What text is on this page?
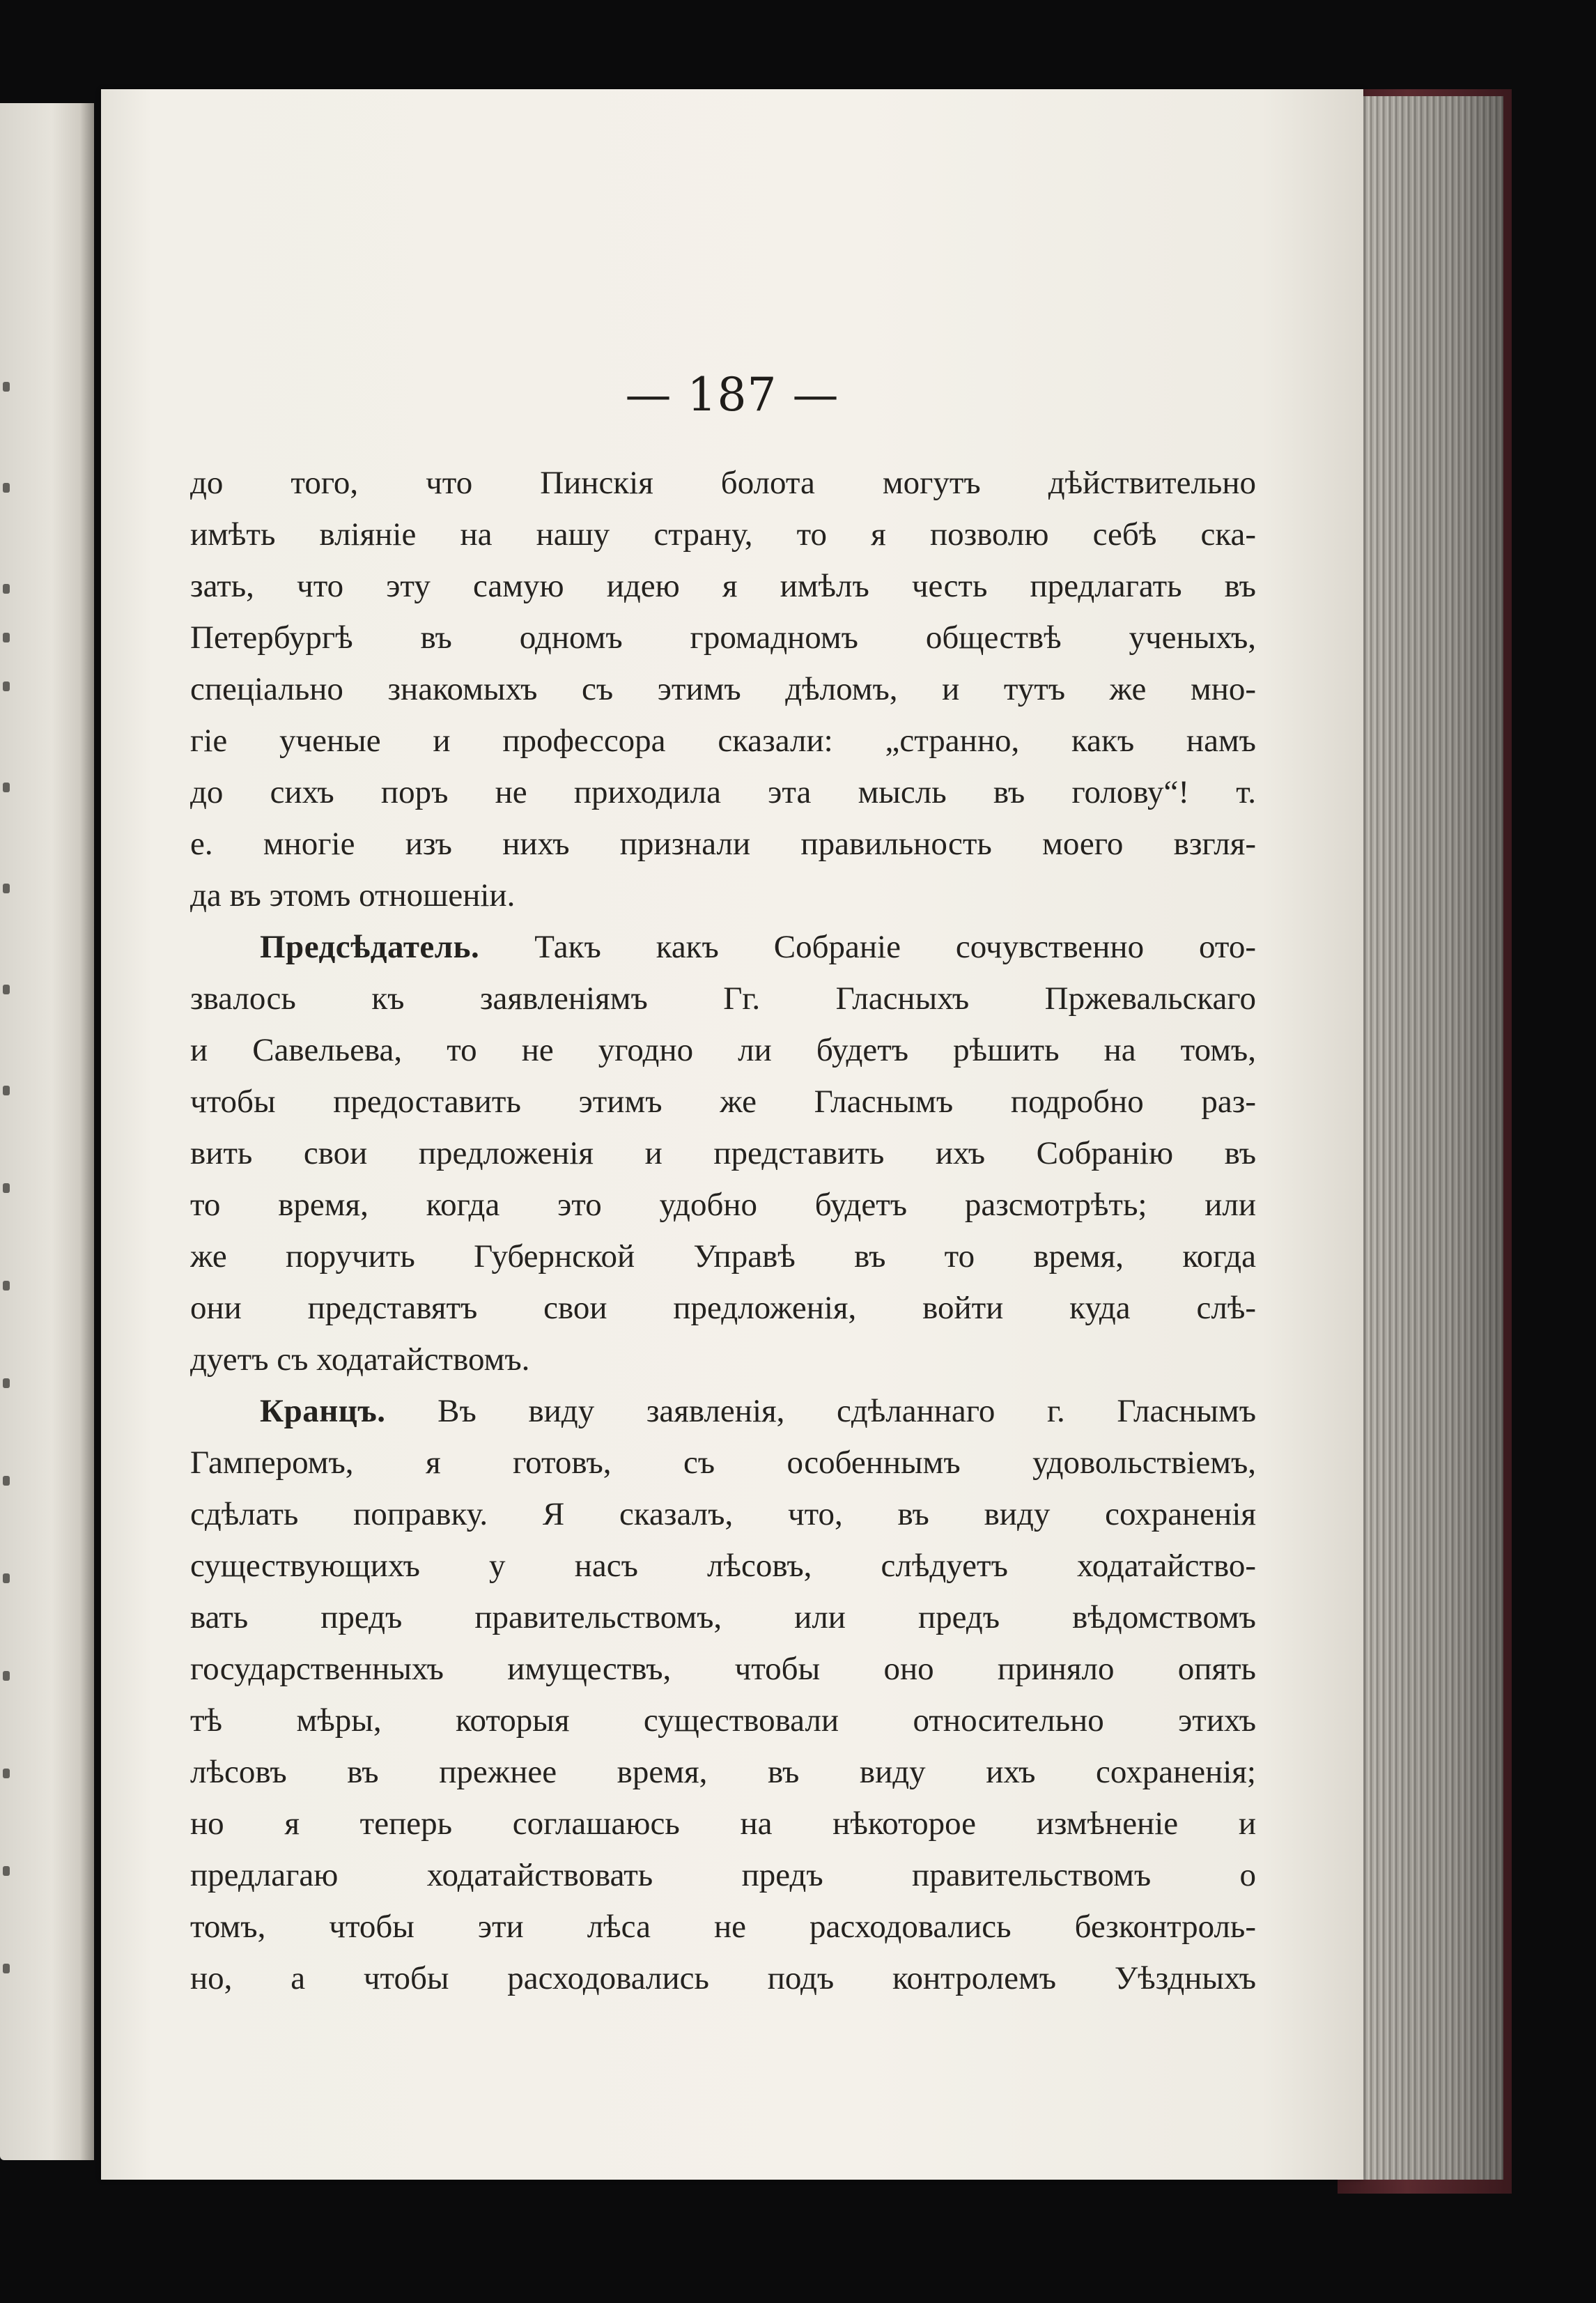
— 187 —
до того, что Пинскія болота могутъ дѣйствительно
имѣть вліяніе на нашу страну, то я позволю себѣ ска-
зать, что эту самую идею я имѣлъ честь предлагать въ
Петербургѣ въ одномъ громадномъ обществѣ ученыхъ,
спеціально знакомыхъ съ этимъ дѣломъ, и тутъ же мно-
гіе ученые и профессора сказали: „странно, какъ намъ
до сихъ поръ не приходила эта мысль въ голову“! т.
е. многіе изъ нихъ признали правильность моего взгля-
да въ этомъ отношеніи.
Предсѣдатель. Такъ какъ Собраніе сочувственно ото-
звалось къ заявленіямъ Гг. Гласныхъ Пржевальскаго
и Савельева, то не угодно ли будетъ рѣшить на томъ,
чтобы предоставить этимъ же Гласнымъ подробно раз-
вить свои предложенія и представить ихъ Собранію въ
то время, когда это удобно будетъ разсмотрѣть; или
же поручить Губернской Управѣ въ то время, когда
они представятъ свои предложенія, войти куда слѣ-
дуетъ съ ходатайствомъ.
Кранцъ. Въ виду заявленія, сдѣланнаго г. Гласнымъ
Гамперомъ, я готовъ, съ особеннымъ удовольствіемъ,
сдѣлать поправку. Я сказалъ, что, въ виду сохраненія
существующихъ у насъ лѣсовъ, слѣдуетъ ходатайство-
вать предъ правительствомъ, или предъ вѣдомствомъ
государственныхъ имуществъ, чтобы оно приняло опять
тѣ мѣры, которыя существовали относительно этихъ
лѣсовъ въ прежнее время, въ виду ихъ сохраненія;
но я теперь соглашаюсь на нѣкоторое измѣненіе и
предлагаю ходатайствовать предъ правительствомъ о
томъ, чтобы эти лѣса не расходовались безконтроль-
но, а чтобы расходовались подъ контролемъ Уѣздныхъ
